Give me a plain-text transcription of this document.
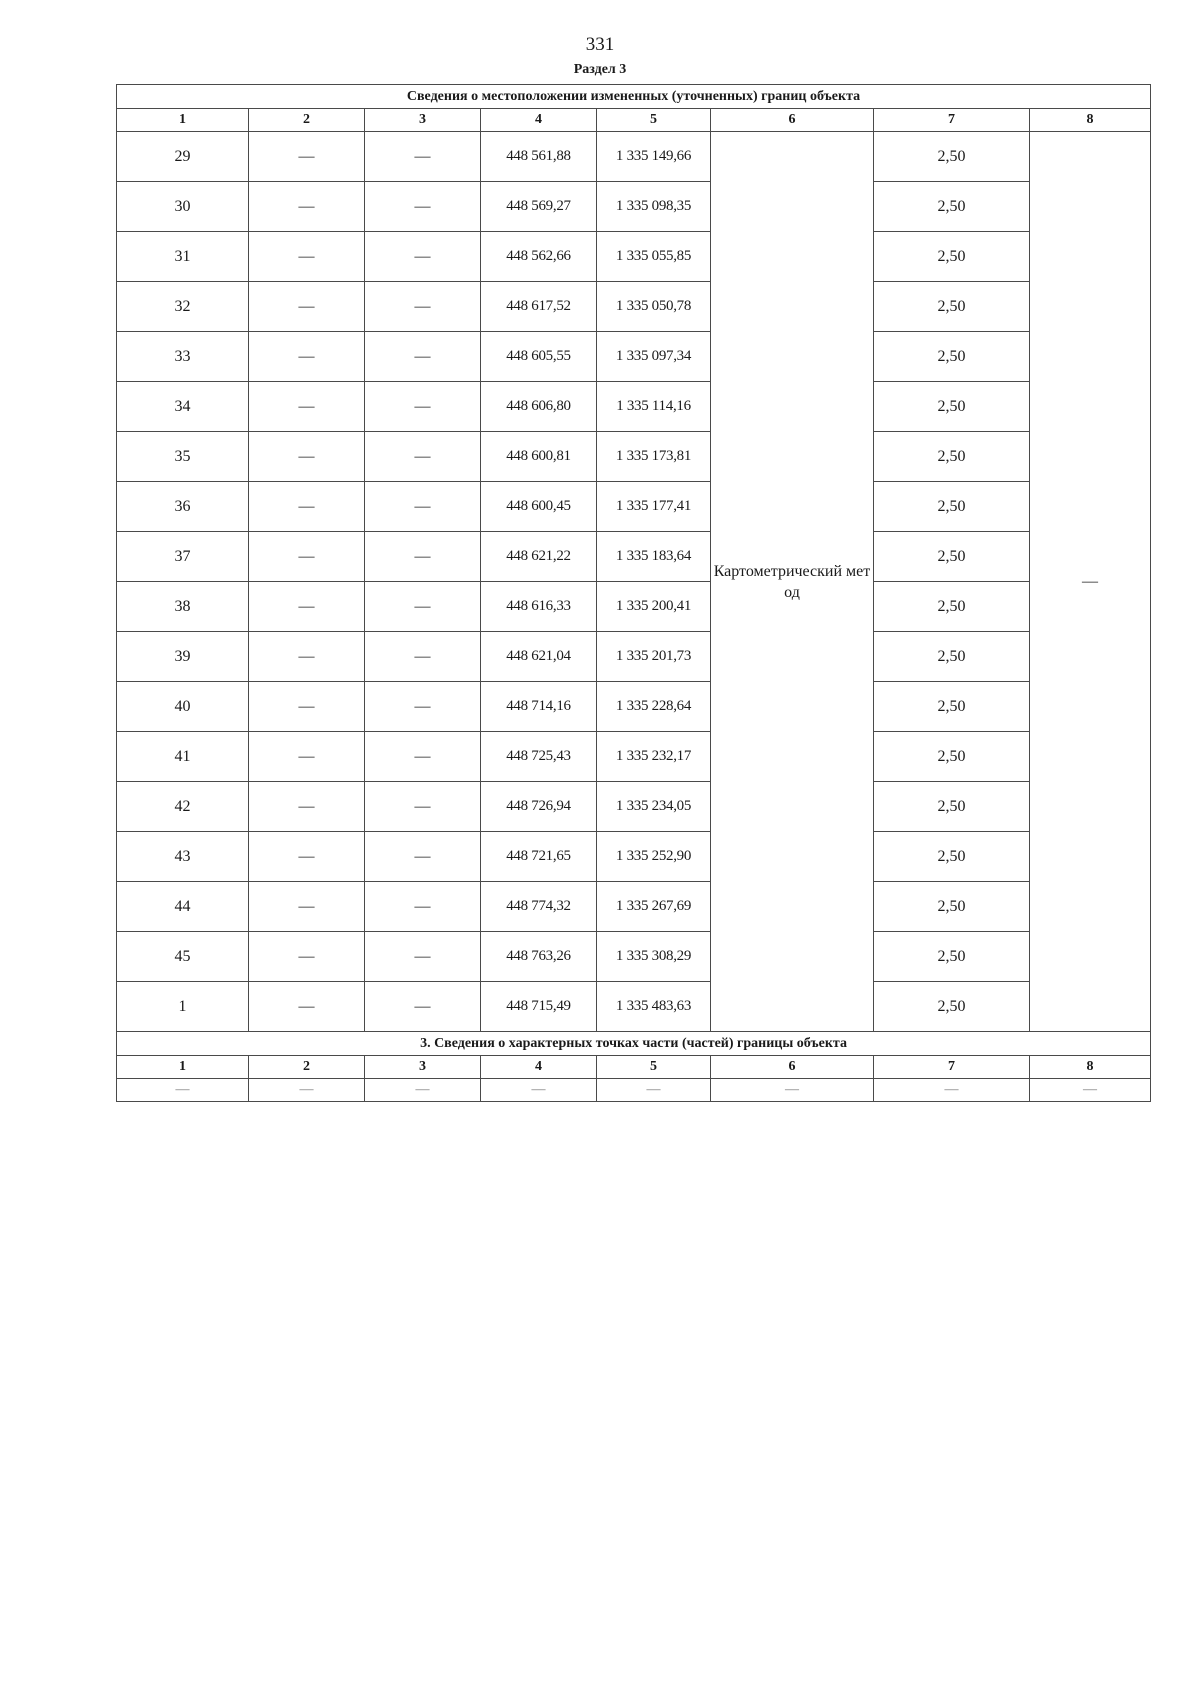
331
Раздел 3
Сведения о местоположении измененных (уточненных) границ объекта							
1	2	3	4	5	6	7	8
29	—	—	448 561,88	1 335 149,66	Картометрический метод	2,50	—
30	—	—	448 569,27	1 335 098,35		2,50	
31	—	—	448 562,66	1 335 055,85		2,50	
32	—	—	448 617,52	1 335 050,78		2,50	
33	—	—	448 605,55	1 335 097,34		2,50	
34	—	—	448 606,80	1 335 114,16		2,50	
35	—	—	448 600,81	1 335 173,81		2,50	
36	—	—	448 600,45	1 335 177,41		2,50	
37	—	—	448 621,22	1 335 183,64		2,50	
38	—	—	448 616,33	1 335 200,41		2,50	
39	—	—	448 621,04	1 335 201,73		2,50	
40	—	—	448 714,16	1 335 228,64		2,50	
41	—	—	448 725,43	1 335 232,17		2,50	
42	—	—	448 726,94	1 335 234,05		2,50	
43	—	—	448 721,65	1 335 252,90		2,50	
44	—	—	448 774,32	1 335 267,69		2,50	
45	—	—	448 763,26	1 335 308,29		2,50	
1	—	—	448 715,49	1 335 483,63		2,50	
3. Сведения о характерных точках части (частей) границы объекта							
1	2	3	4	5	6	7	8
—	—	—	—	—	—	—	—
